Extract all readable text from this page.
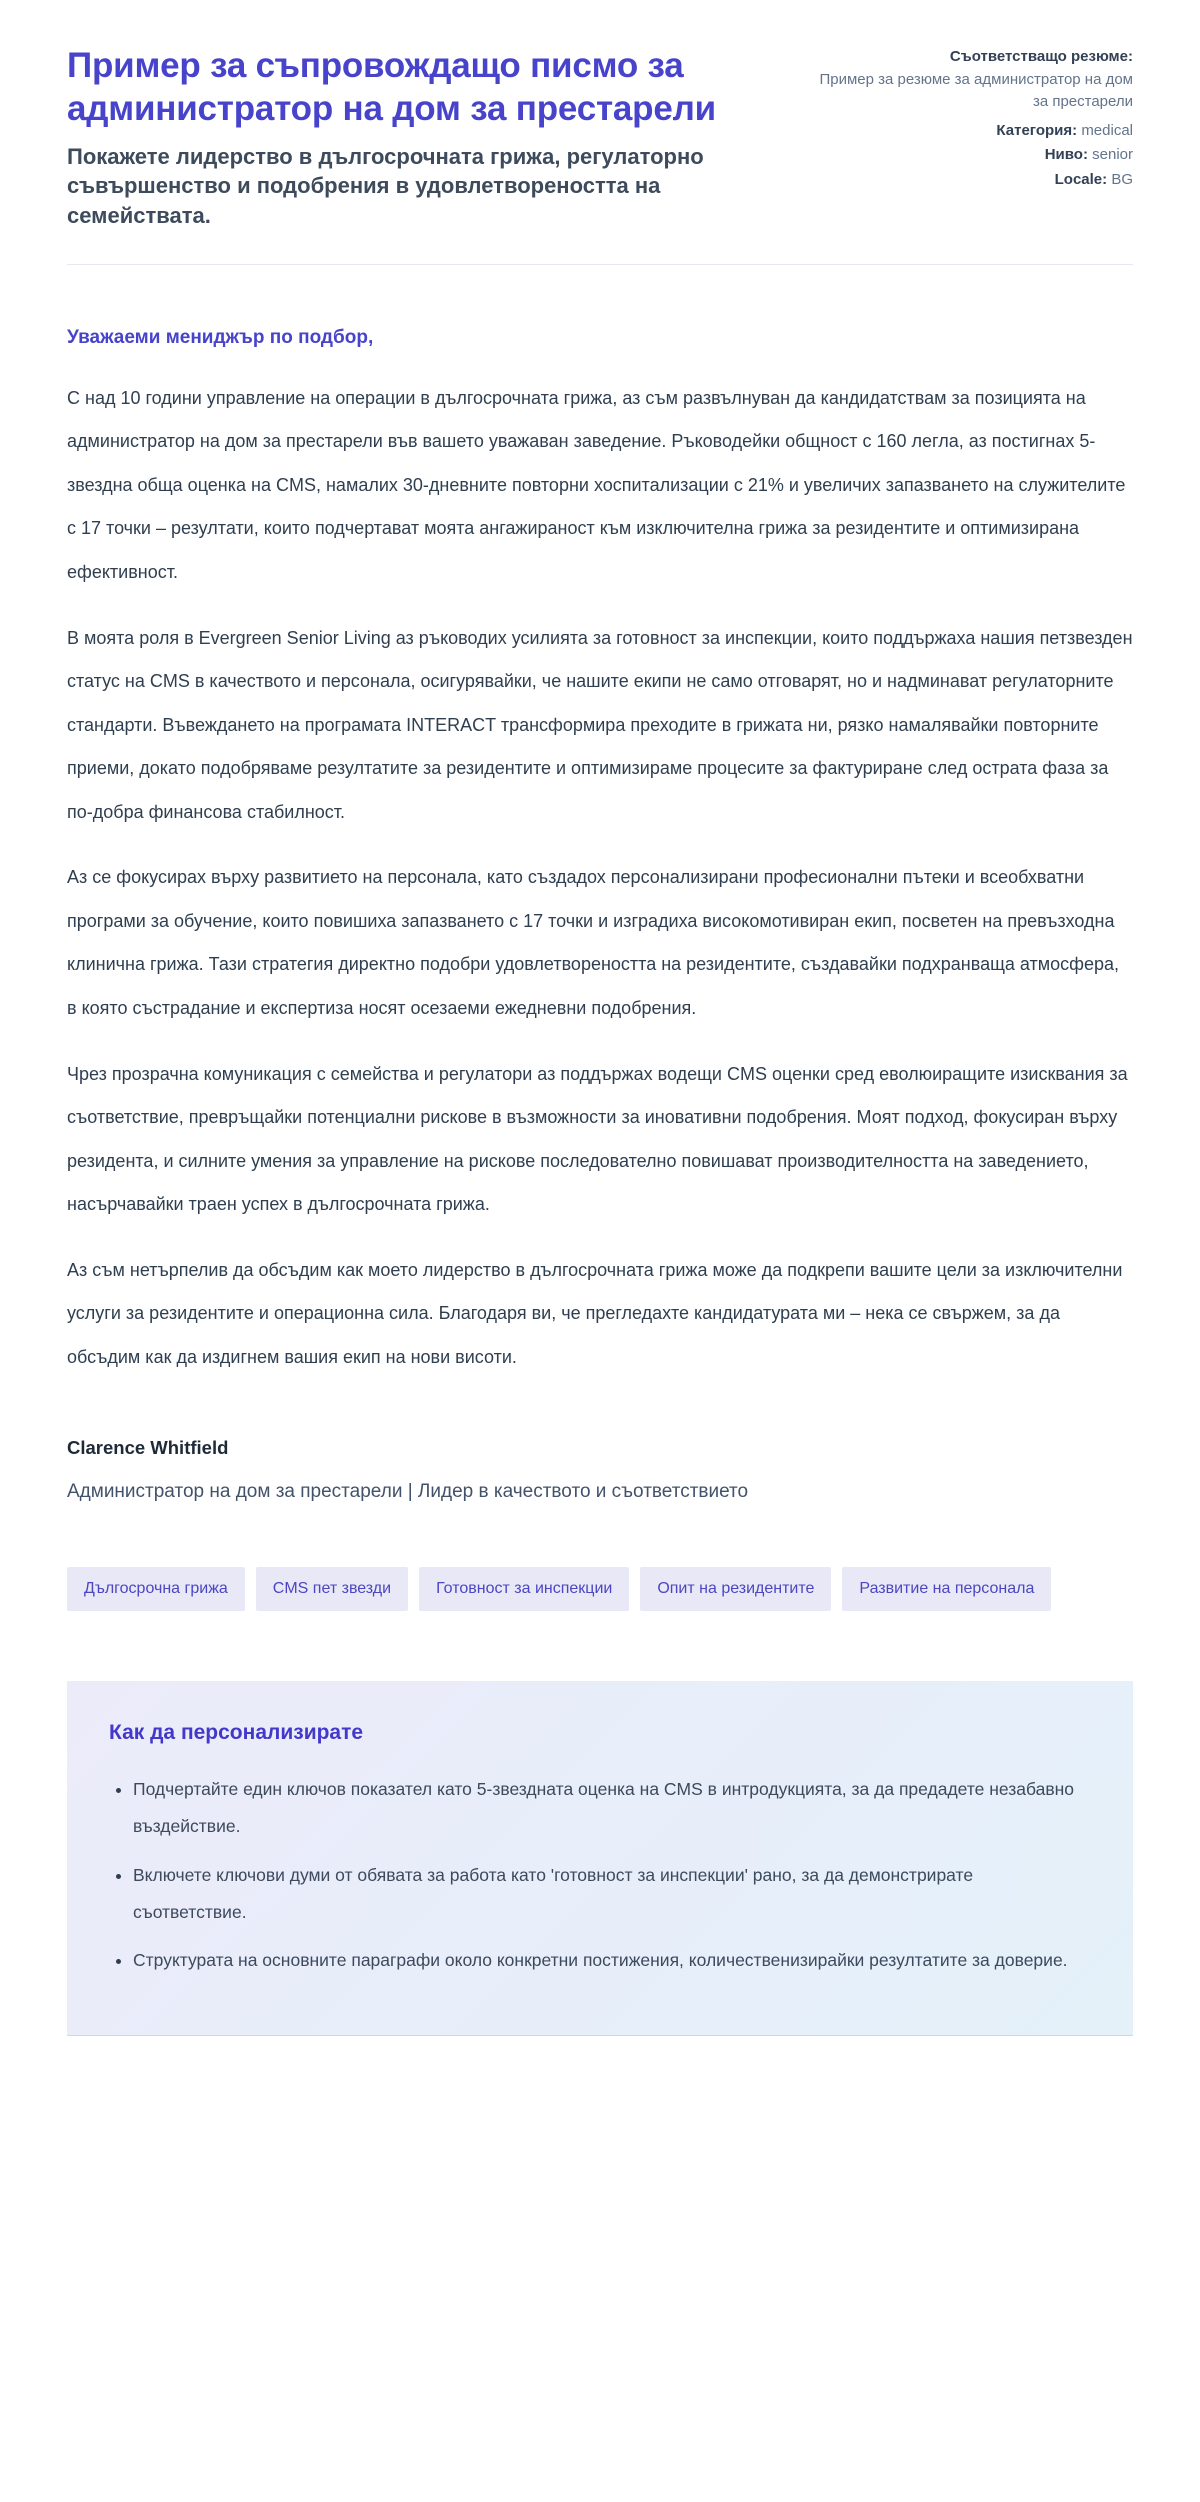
Пример за съпровождащо писмо за администратор на дом за престарели
Покажете лидерство в дългосрочната грижа, регулаторно съвършенство и подобрения в удовлетвореността на семействата.
Съответстващо резюме:
Пример за резюме за администратор на дом за престарели
Категория: medical
Ниво: senior
Locale: BG
Уважаеми мениджър по подбор,

С над 10 години управление на операции в дългосрочната грижа, аз съм развълнуван да кандидатствам за позицията на администратор на дом за престарели във вашето уважаван заведение. Ръководейки общност с 160 легла, аз постигнах 5-звездна обща оценка на CMS, намалих 30-дневните повторни хоспитализации с 21% и увеличих запазването на служителите с 17 точки – резултати, които подчертават моята ангажираност към изключителна грижа за резидентите и оптимизирана ефективност.

В моята роля в Evergreen Senior Living аз ръководих усилията за готовност за инспекции, които поддържаха нашия петзвезден статус на CMS в качеството и персонала, осигурявайки, че нашите екипи не само отговарят, но и надминават регулаторните стандарти. Въвеждането на програмата INTERACT трансформира преходите в грижата ни, рязко намалявайки повторните приеми, докато подобряваме резултатите за резидентите и оптимизираме процесите за фактуриране след острата фаза за по-добра финансова стабилност.

Аз се фокусирах върху развитието на персонала, като създадох персонализирани професионални пътеки и всеобхватни програми за обучение, които повишиха запазването с 17 точки и изградиха високомотивиран екип, посветен на превъзходна клинична грижа. Тази стратегия директно подобри удовлетвореността на резидентите, създавайки подхранваща атмосфера, в която състрадание и експертиза носят осезаеми ежедневни подобрения.

Чрез прозрачна комуникация с семейства и регулатори аз поддържах водещи CMS оценки сред еволюиращите изисквания за съответствие, превръщайки потенциални рискове в възможности за иновативни подобрения. Моят подход, фокусиран върху резидента, и силните умения за управление на рискове последователно повишават производителността на заведението, насърчавайки траен успех в дългосрочната грижа.

Аз съм нетърпелив да обсъдим как моето лидерство в дългосрочната грижа може да подкрепи вашите цели за изключителни услуги за резидентите и операционна сила. Благодаря ви, че прегледахте кандидатурата ми – нека се свържем, за да обсъдим как да издигнем вашия екип на нови висоти.

Clarence Whitfield
Администратор на дом за престарели | Лидер в качеството и съответствието
Дългосрочна грижа	CMS пет звезди	Готовност за инспекции	Опит на резидентите	Развитие на персонала
Как да персонализирате
• Подчертайте един ключов показател като 5-звездната оценка на CMS в интродукцията, за да предадете незабавно въздействие.
• Включете ключови думи от обявата за работа като 'готовност за инспекции' рано, за да демонстрирате съответствие.
• Структурата на основните параграфи около конкретни постижения, количественизирайки резултатите за доверие.
